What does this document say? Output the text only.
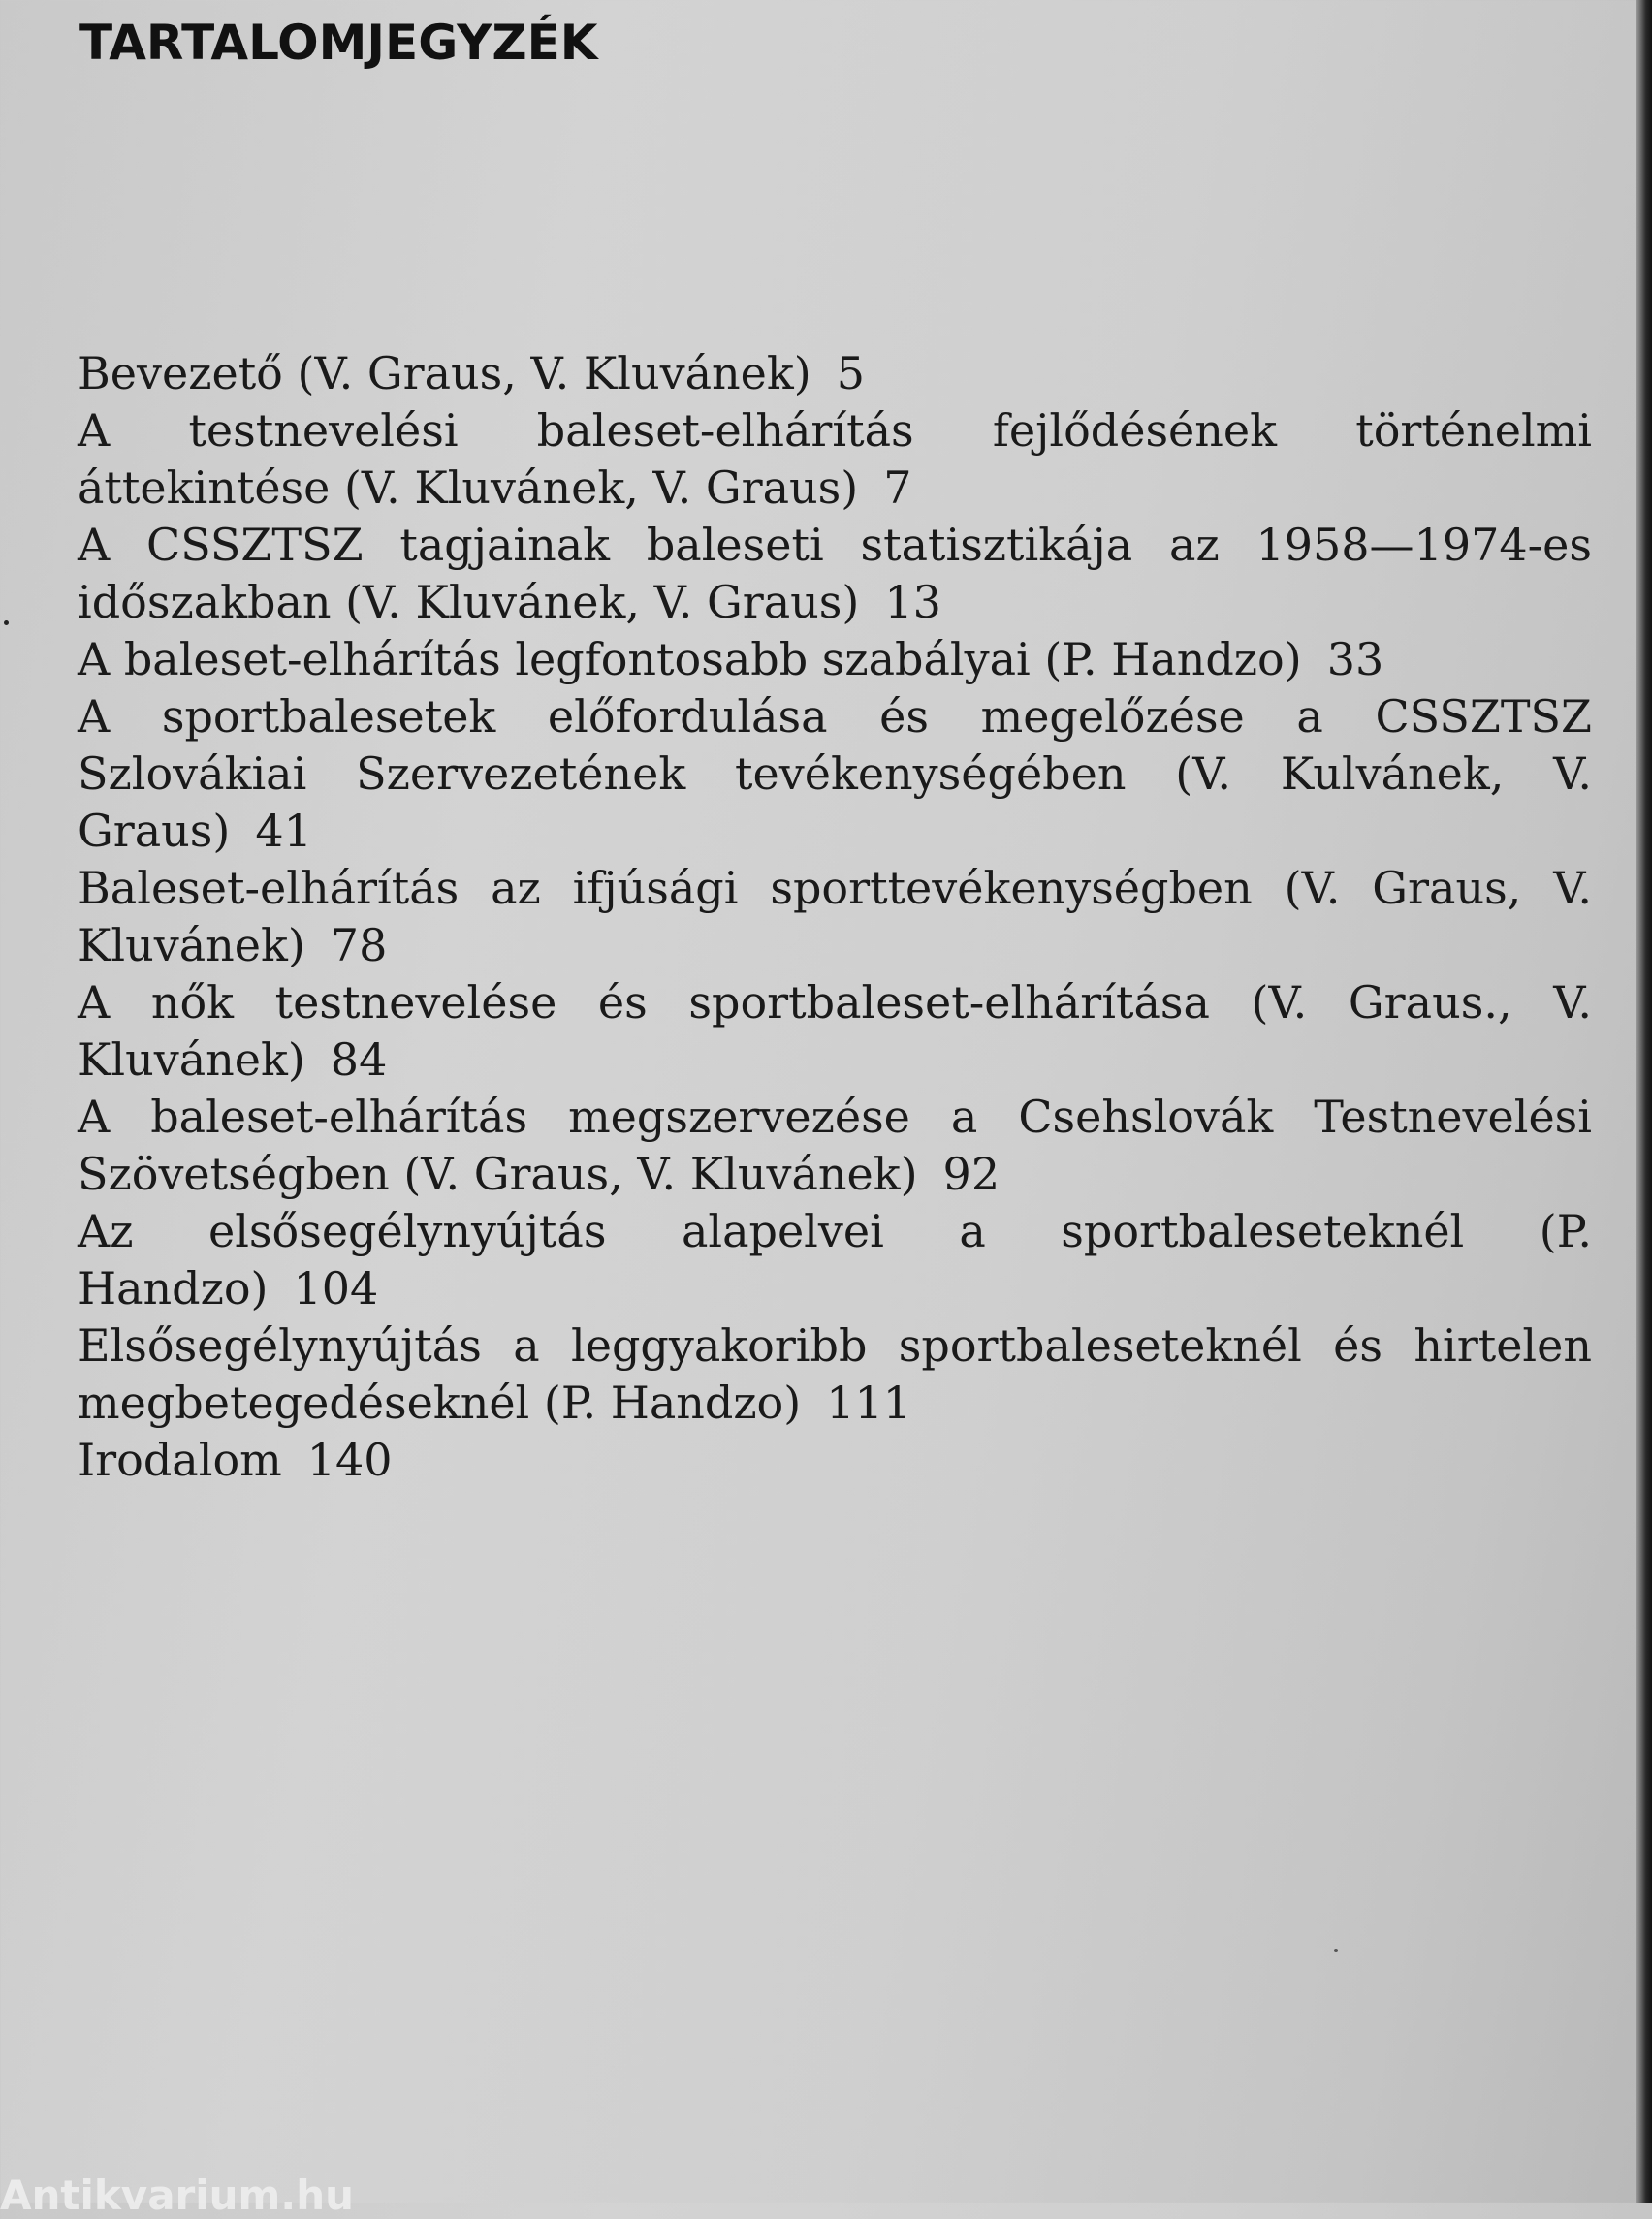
TARTALOMJEGYZÉK
Bevezető (V. Graus, V. Kluvánek) 5
A testnevelési baleset-elhárítás fejlődésének történelmi áttekintése (V. Kluvánek, V. Graus) 7
A CSSZTSZ tagjainak baleseti statisztikája az 1958—1974-es időszakban (V. Kluvánek, V. Graus) 13
A baleset-elhárítás legfontosabb szabályai (P. Handzo) 33
A sportbalesetek előfordulása és megelőzése a CSSZTSZ Szlovákiai Szervezetének tevékenységében (V. Kulvánek, V. Graus) 41
Baleset-elhárítás az ifjúsági sporttevékenységben (V. Graus, V. Kluvánek) 78
A nők testnevelése és sportbaleset-elhárítása (V. Graus., V. Kluvánek) 84
A baleset-elhárítás megszervezése a Csehslovák Testnevelési Szövetségben (V. Graus, V. Kluvánek) 92
Az elsősegélynyújtás alapelvei a sportbaleseteknél (P. Handzo) 104
Elsősegélynyújtás a leggyakoribb sportbaleseteknél és hirtelen megbetegedéseknél (P. Handzo) 111
Irodalom 140
Antikvarium.hu
